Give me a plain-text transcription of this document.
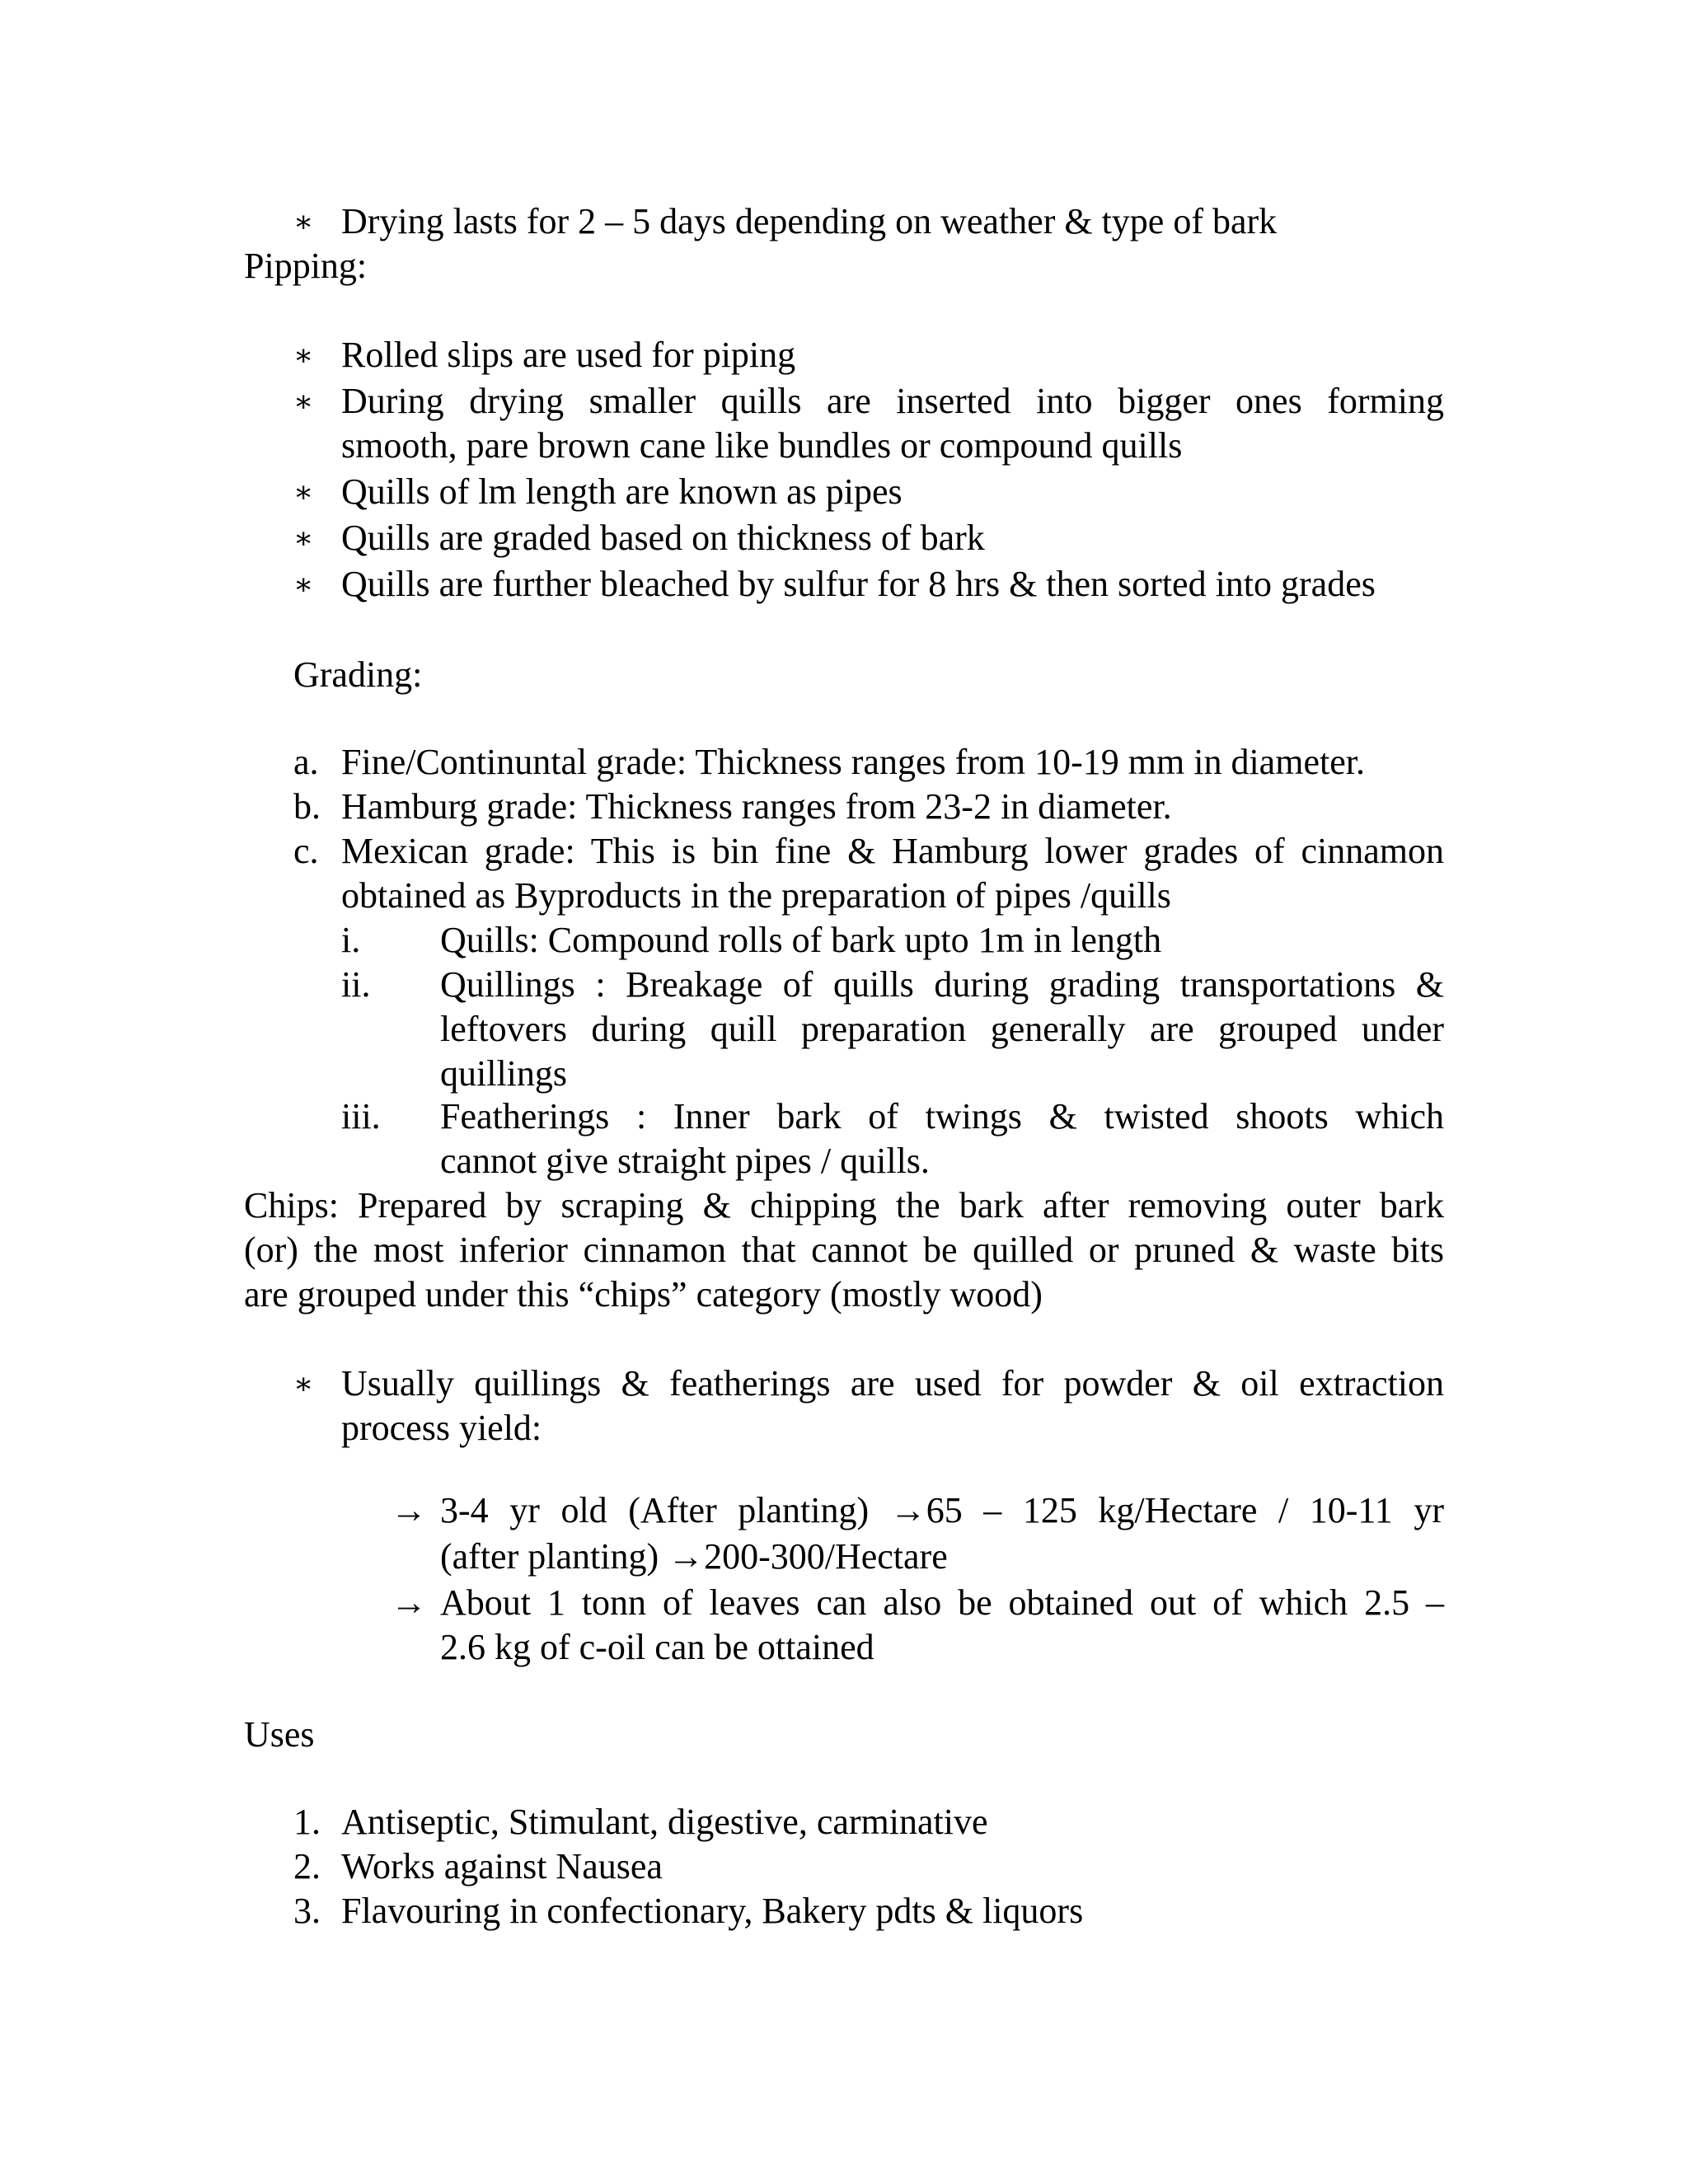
∗ Drying lasts for 2 – 5 days depending on weather & type of bark
Pipping:
∗ Rolled slips are used for piping
∗ During drying smaller quills are inserted into bigger ones forming
smooth, pare brown cane like bundles or compound quills
∗ Quills of lm length are known as pipes
∗ Quills are graded based on thickness of bark
∗ Quills are further bleached by sulfur for 8 hrs & then sorted into grades
Grading:
a. Fine/Continuntal grade: Thickness ranges from 10-19 mm in diameter.
b. Hamburg grade: Thickness ranges from 23-2 in diameter.
c. Mexican grade: This is bin fine & Hamburg lower grades of cinnamon
obtained as Byproducts in the preparation of pipes /quills
i. Quills: Compound rolls of bark upto 1m in length
ii. Quillings : Breakage of quills during grading transportations &
leftovers during quill preparation generally are grouped under
quillings
iii. Featherings : Inner bark of twings & twisted shoots which
cannot give straight pipes / quills.
Chips: Prepared by scraping & chipping the bark after removing outer bark
(or) the most inferior cinnamon that cannot be quilled or pruned & waste bits
are grouped under this “chips” category (mostly wood)
∗ Usually quillings & featherings are used for powder & oil extraction
process yield:
→ 3-4 yr old (After planting) →65 – 125 kg/Hectare / 10-11 yr
(after planting) →200-300/Hectare
→ About 1 tonn of leaves can also be obtained out of which 2.5 –
2.6 kg of c-oil can be ottained
Uses
1. Antiseptic, Stimulant, digestive, carminative
2. Works against Nausea
3. Flavouring in confectionary, Bakery pdts & liquors
